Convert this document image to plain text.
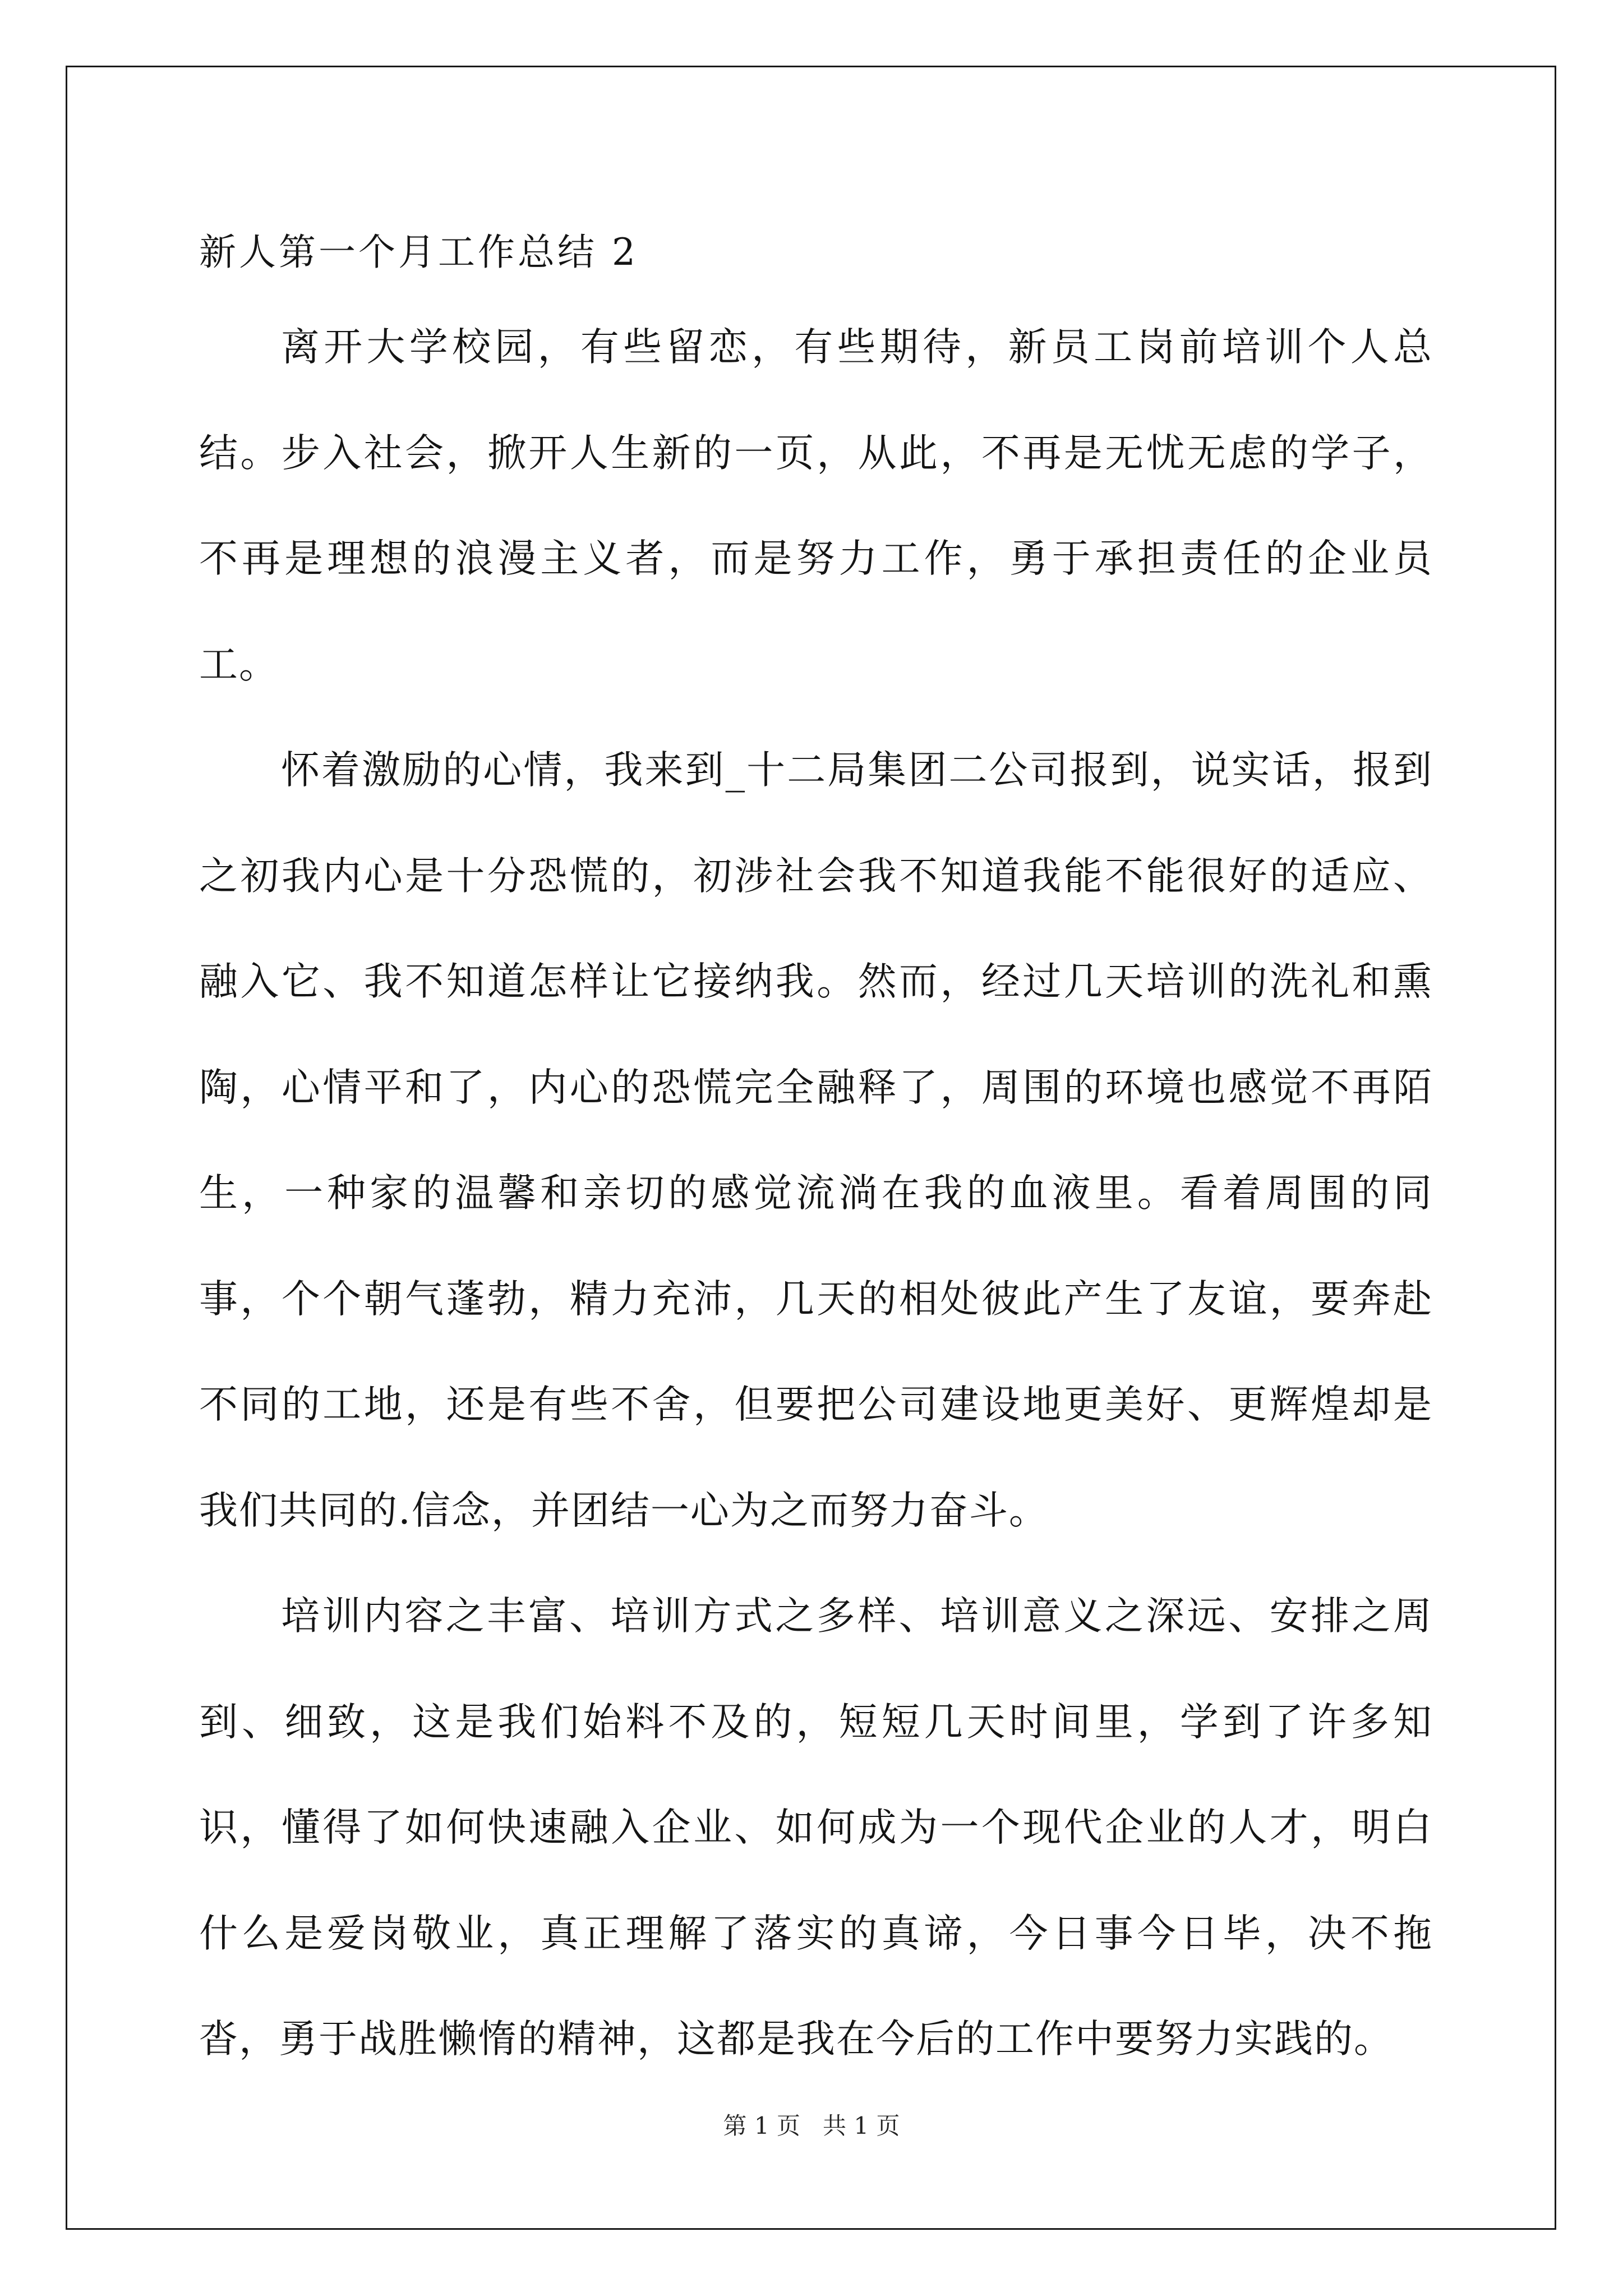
新人第一个月工作总结 2

离开大学校园，有些留恋，有些期待，新员工岗前培训个人总结。步入社会，掀开人生新的一页，从此，不再是无忧无虑的学子，不再是理想的浪漫主义者，而是努力工作，勇于承担责任的企业员工。

怀着激励的心情，我来到_十二局集团二公司报到，说实话，报到之初我内心是十分恐慌的，初涉社会我不知道我能不能很好的适应、融入它、我不知道怎样让它接纳我。然而，经过几天培训的洗礼和熏陶，心情平和了，内心的恐慌完全融释了，周围的环境也感觉不再陌生，一种家的温馨和亲切的感觉流淌在我的血液里。看着周围的同事，个个朝气蓬勃，精力充沛，几天的相处彼此产生了友谊，要奔赴不同的工地，还是有些不舍，但要把公司建设地更美好、更辉煌却是我们共同的.信念，并团结一心为之而努力奋斗。

培训内容之丰富、培训方式之多样、培训意义之深远、安排之周到、细致，这是我们始料不及的，短短几天时间里，学到了许多知识，懂得了如何快速融入企业、如何成为一个现代企业的人才，明白什么是爱岗敬业，真正理解了落实的真谛，今日事今日毕，决不拖沓，勇于战胜懒惰的精神，这都是我在今后的工作中要努力实践的。

第 1 页   共 1 页
